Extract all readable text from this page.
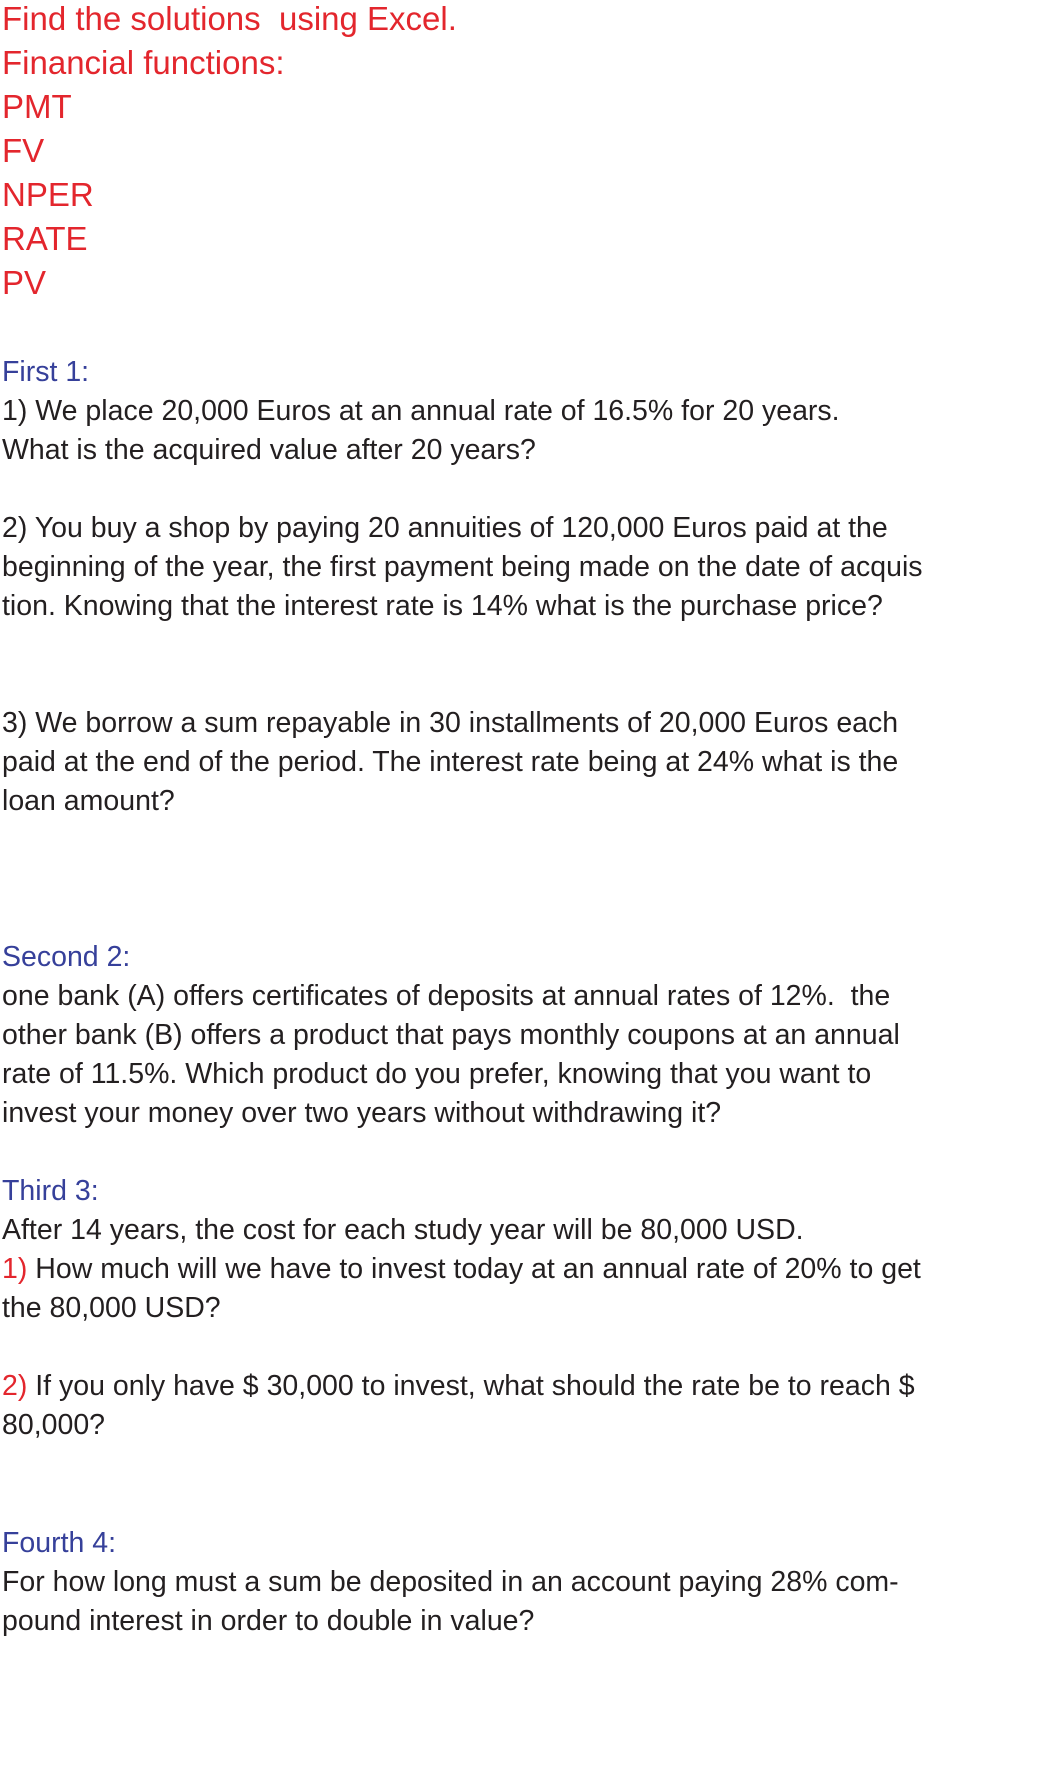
Find the solutions  using Excel.
Financial functions:
PMT
FV
NPER
RATE
PV
First 1:
1) We place 20,000 Euros at an annual rate of 16.5% for 20 years.
What is the acquired value after 20 years?
2) You buy a shop by paying 20 annuities of 120,000 Euros paid at the
beginning of the year, the first payment being made on the date of acquis
tion. Knowing that the interest rate is 14% what is the purchase price?
3) We borrow a sum repayable in 30 installments of 20,000 Euros each
paid at the end of the period. The interest rate being at 24% what is the
loan amount?
Second 2:
one bank (A) offers certificates of deposits at annual rates of 12%.  the
other bank (B) offers a product that pays monthly coupons at an annual
rate of 11.5%. Which product do you prefer, knowing that you want to
invest your money over two years without withdrawing it?
Third 3:
After 14 years, the cost for each study year will be 80,000 USD.
1) How much will we have to invest today at an annual rate of 20% to get
the 80,000 USD?
2) If you only have $ 30,000 to invest, what should the rate be to reach $
80,000?
Fourth 4:
For how long must a sum be deposited in an account paying 28% com-
pound interest in order to double in value?
